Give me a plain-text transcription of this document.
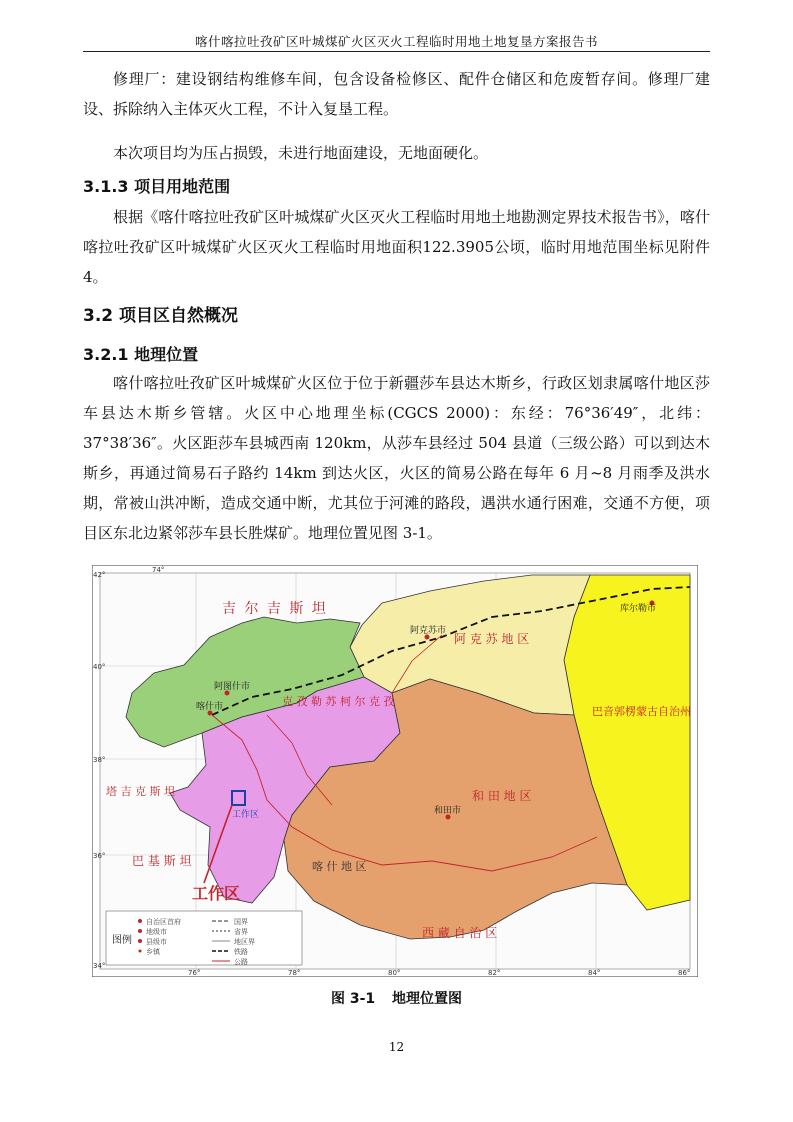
喀什喀拉吐孜矿区叶城煤矿火区灭火工程临时用地土地复垦方案报告书

修理厂：建设钢结构维修车间，包含设备检修区、配件仓储区和危废暂存间。修理厂建设、拆除纳入主体灭火工程，不计入复垦工程。

本次项目均为压占损毁，未进行地面建设，无地面硬化。

3.1.3 项目用地范围

根据《喀什喀拉吐孜矿区叶城煤矿火区灭火工程临时用地土地勘测定界技术报告书》，喀什喀拉吐孜矿区叶城煤矿火区灭火工程临时用地面积122.3905公顷，临时用地范围坐标见附件4。

3.2 项目区自然概况
3.2.1 地理位置

喀什喀拉吐孜矿区叶城煤矿火区位于位于新疆莎车县达木斯乡，行政区划隶属喀什地区莎车县达木斯乡管辖。火区中心地理坐标(CGCS 2000)：东经：76°36′49″，北纬：37°38′36″。火区距莎车县城西南 120km，从莎车县经过 504 县道（三级公路）可以到达木斯乡，再通过简易石子路约 14km 到达火区，火区的简易公路在每年 6 月~8 月雨季及洪水期，常被山洪冲断，造成交通中断，尤其位于河滩的路段，遇洪水通行困难，交通不方便，项目区东北边紧邻莎车县长胜煤矿。地理位置见图 3-1。

吉 尔 吉 斯 坦
阿 克 苏 地 区
克 孜 勒 苏 柯 尔 克 孜
巴音郭楞蒙古自治州
西 藏 自 治 区
和 田 地 区
喀 什 地 区
塔 吉 克 斯 坦
巴 基 斯 坦
阿克苏市
阿图什市
喀什市
和田市
库尔勒市
工作区
工作区
图例
自治区首府
地级市
县级市
乡镇
国界
省界
地区界
铁路
公路
42°
40°
38°
36°
34°
76°	78°	80°	82°	84°	86°
74°
图 3-1 地理位置图
12
